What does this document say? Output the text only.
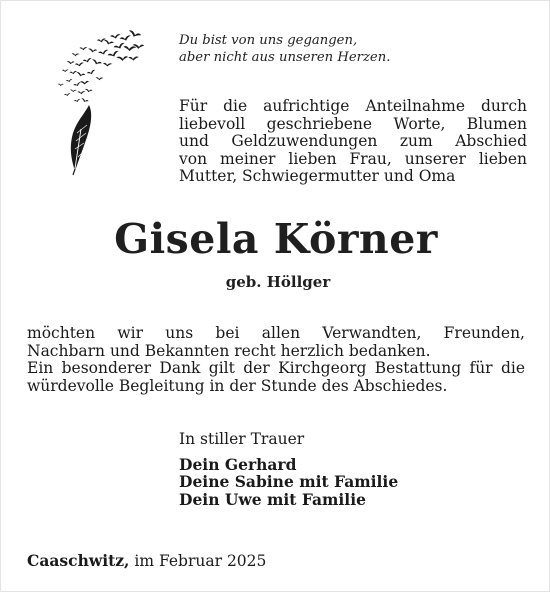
Du bist von uns gegangen,
aber nicht aus unseren Herzen.
Für die aufrichtige Anteilnahme durch
liebevoll geschriebene Worte, Blumen
und Geldzuwendungen zum Abschied
von meiner lieben Frau, unserer lieben
Mutter, Schwiegermutter und Oma
Gisela Körner
geb. Höllger
möchten wir uns bei allen Verwandten, Freunden,
Nachbarn und Bekannten recht herzlich bedanken.
Ein besonderer Dank gilt der Kirchgeorg Bestattung für die
würdevolle Begleitung in der Stunde des Abschiedes.
In stiller Trauer
Dein Gerhard
Deine Sabine mit Familie
Dein Uwe mit Familie
Caaschwitz, im Februar 2025
